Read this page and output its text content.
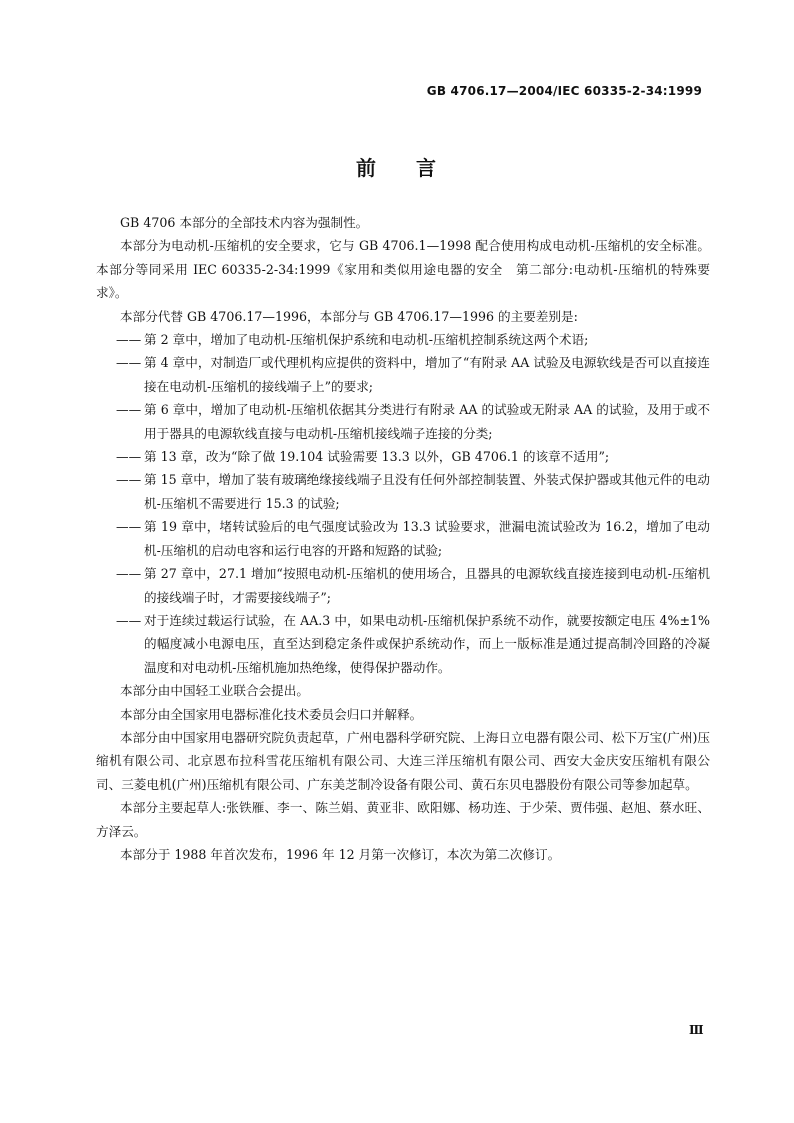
GB 4706.17—2004/IEC 60335-2-34:1999
前 言

GB 4706 本部分的全部技术内容为强制性。

本部分为电动机-压缩机的安全要求，它与 GB 4706.1—1998 配合使用构成电动机-压缩机的安全标准。本部分等同采用 IEC 60335-2-34:1999《家用和类似用途电器的安全　第二部分:电动机-压缩机的特殊要求》。

本部分代替 GB 4706.17—1996，本部分与 GB 4706.17—1996 的主要差别是:

—— 第 2 章中，增加了电动机-压缩机保护系统和电动机-压缩机控制系统这两个术语;

—— 第 4 章中，对制造厂或代理机构应提供的资料中，增加了“有附录 AA 试验及电源软线是否可以直接连接在电动机-压缩机的接线端子上”的要求;

—— 第 6 章中，增加了电动机-压缩机依据其分类进行有附录 AA 的试验或无附录 AA 的试验，及用于或不用于器具的电源软线直接与电动机-压缩机接线端子连接的分类;

—— 第 13 章，改为“除了做 19.104 试验需要 13.3 以外，GB 4706.1 的该章不适用”;

—— 第 15 章中，增加了装有玻璃绝缘接线端子且没有任何外部控制装置、外装式保护器或其他元件的电动机-压缩机不需要进行 15.3 的试验;

—— 第 19 章中，堵转试验后的电气强度试验改为 13.3 试验要求，泄漏电流试验改为 16.2，增加了电动机-压缩机的启动电容和运行电容的开路和短路的试验;

—— 第 27 章中，27.1 增加“按照电动机-压缩机的使用场合，且器具的电源软线直接连接到电动机-压缩机的接线端子时，才需要接线端子”;

—— 对于连续过载运行试验，在 AA.3 中，如果电动机-压缩机保护系统不动作，就要按额定电压 4%±1%的幅度减小电源电压，直至达到稳定条件或保护系统动作，而上一版标准是通过提高制冷回路的冷凝温度和对电动机-压缩机施加热绝缘，使得保护器动作。

本部分由中国轻工业联合会提出。

本部分由全国家用电器标准化技术委员会归口并解释。

本部分由中国家用电器研究院负责起草，广州电器科学研究院、上海日立电器有限公司、松下万宝(广州)压缩机有限公司、北京恩布拉科雪花压缩机有限公司、大连三洋压缩机有限公司、西安大金庆安压缩机有限公司、三菱电机(广州)压缩机有限公司、广东美芝制冷设备有限公司、黄石东贝电器股份有限公司等参加起草。

本部分主要起草人:张铁雁、李一、陈兰娟、黄亚非、欧阳娜、杨功连、于少荣、贾伟强、赵旭、蔡水旺、方泽云。

本部分于 1988 年首次发布，1996 年 12 月第一次修订，本次为第二次修订。

Ⅲ
